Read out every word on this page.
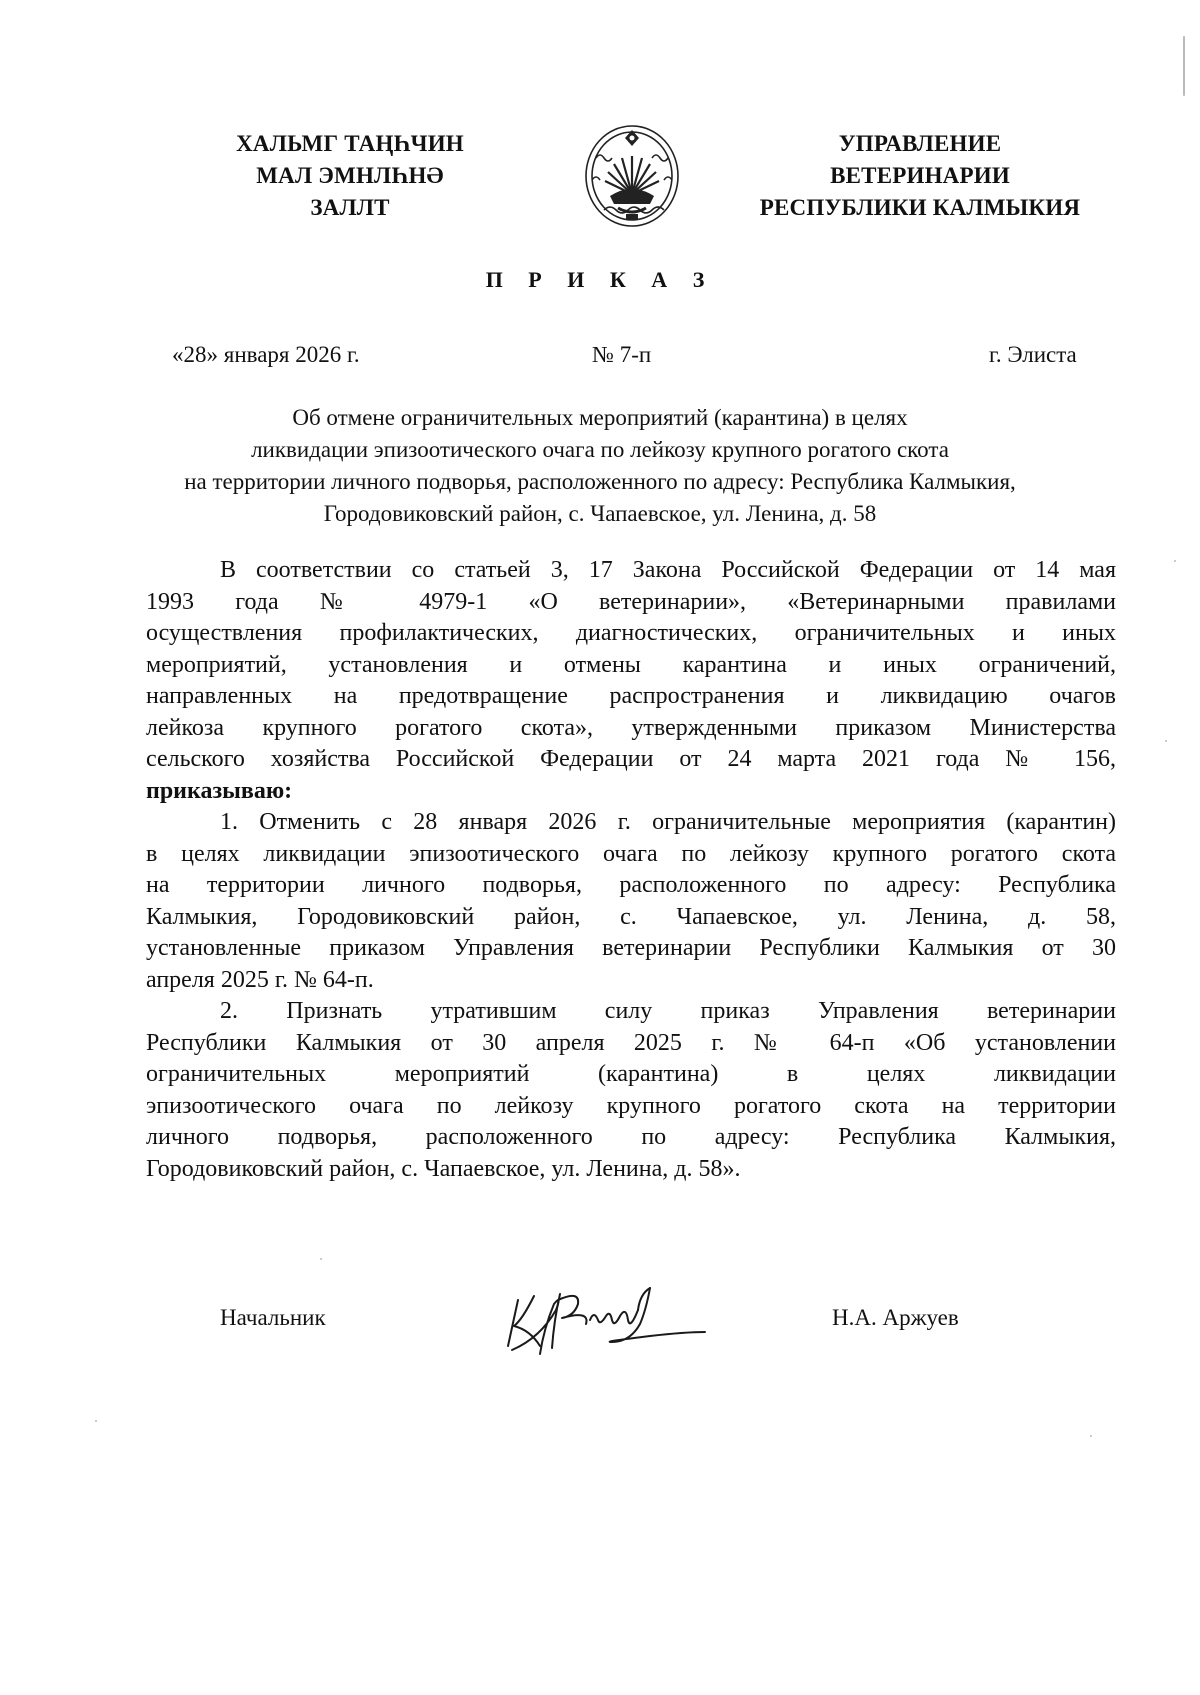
ХАЛЬМГ ТАҢҺЧИН
МАЛ ЭМНЛҺНӘ
ЗАЛЛТ
УПРАВЛЕНИЕ
ВЕТЕРИНАРИИ
РЕСПУБЛИКИ КАЛМЫКИЯ
П Р И К А З
«28» января 2026 г.	№ 7-п	г. Элиста
Об отмене ограничительных мероприятий (карантина) в целях
ликвидации эпизоотического очага по лейкозу крупного рогатого скота
на территории личного подворья, расположенного по адресу: Республика Калмыкия,
Городовиковский район, с. Чапаевское, ул. Ленина, д. 58
В соответствии со статьей 3, 17 Закона Российской Федерации от 14 мая
1993 года № 4979-1 «О ветеринарии», «Ветеринарными правилами
осуществления профилактических, диагностических, ограничительных и иных
мероприятий, установления и отмены карантина и иных ограничений,
направленных на предотвращение распространения и ликвидацию очагов
лейкоза крупного рогатого скота», утвержденными приказом Министерства
сельского хозяйства Российской Федерации от 24 марта 2021 года № 156,
приказываю:
1. Отменить с 28 января 2026 г. ограничительные мероприятия (карантин)
в целях ликвидации эпизоотического очага по лейкозу крупного рогатого скота
на территории личного подворья, расположенного по адресу: Республика
Калмыкия, Городовиковский район, с. Чапаевское, ул. Ленина, д. 58,
установленные приказом Управления ветеринарии Республики Калмыкия от 30
апреля 2025 г. № 64-п.
2. Признать утратившим силу приказ Управления ветеринарии
Республики Калмыкия от 30 апреля 2025 г. № 64-п «Об установлении
ограничительных мероприятий (карантина) в целях ликвидации
эпизоотического очага по лейкозу крупного рогатого скота на территории
личного подворья, расположенного по адресу: Республика Калмыкия,
Городовиковский район, с. Чапаевское, ул. Ленина, д. 58».
Начальник	Н.А. Аржуев
